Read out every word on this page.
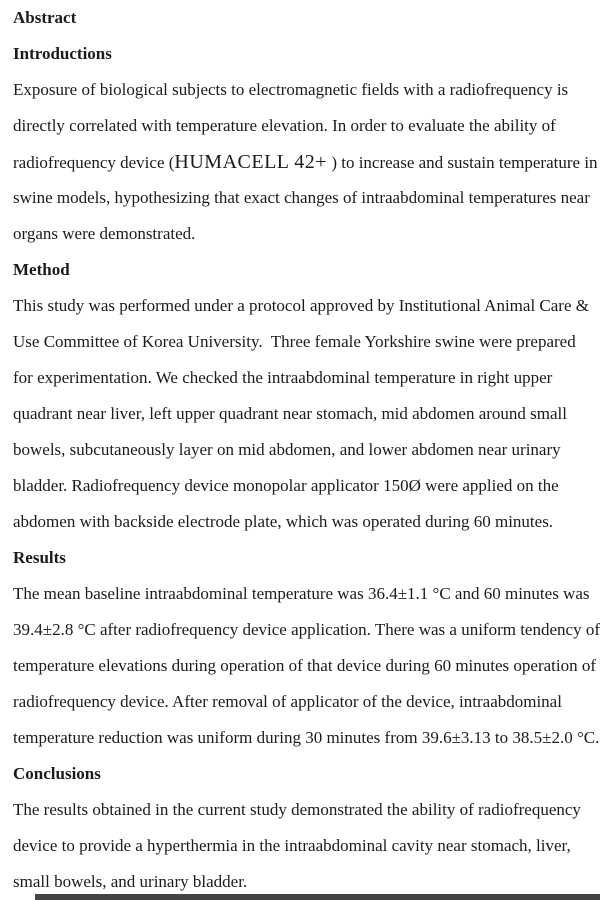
Abstract
Introductions
Exposure of biological subjects to electromagnetic fields with a radiofrequency is
directly correlated with temperature elevation. In order to evaluate the ability of
radiofrequency device (HUMACELL 42+ ) to increase and sustain temperature in
swine models, hypothesizing that exact changes of intraabdominal temperatures near
organs were demonstrated.
Method
This study was performed under a protocol approved by Institutional Animal Care &
Use Committee of Korea University.  Three female Yorkshire swine were prepared
for experimentation. We checked the intraabdominal temperature in right upper
quadrant near liver, left upper quadrant near stomach, mid abdomen around small
bowels, subcutaneously layer on mid abdomen, and lower abdomen near urinary
bladder. Radiofrequency device monopolar applicator 150Ø were applied on the
abdomen with backside electrode plate, which was operated during 60 minutes.
Results
The mean baseline intraabdominal temperature was 36.4±1.1 °C and 60 minutes was
39.4±2.8 °C after radiofrequency device application. There was a uniform tendency of
temperature elevations during operation of that device during 60 minutes operation of
radiofrequency device. After removal of applicator of the device, intraabdominal
temperature reduction was uniform during 30 minutes from 39.6±3.13 to 38.5±2.0 °C.
Conclusions
The results obtained in the current study demonstrated the ability of radiofrequency
device to provide a hyperthermia in the intraabdominal cavity near stomach, liver,
small bowels, and urinary bladder.
